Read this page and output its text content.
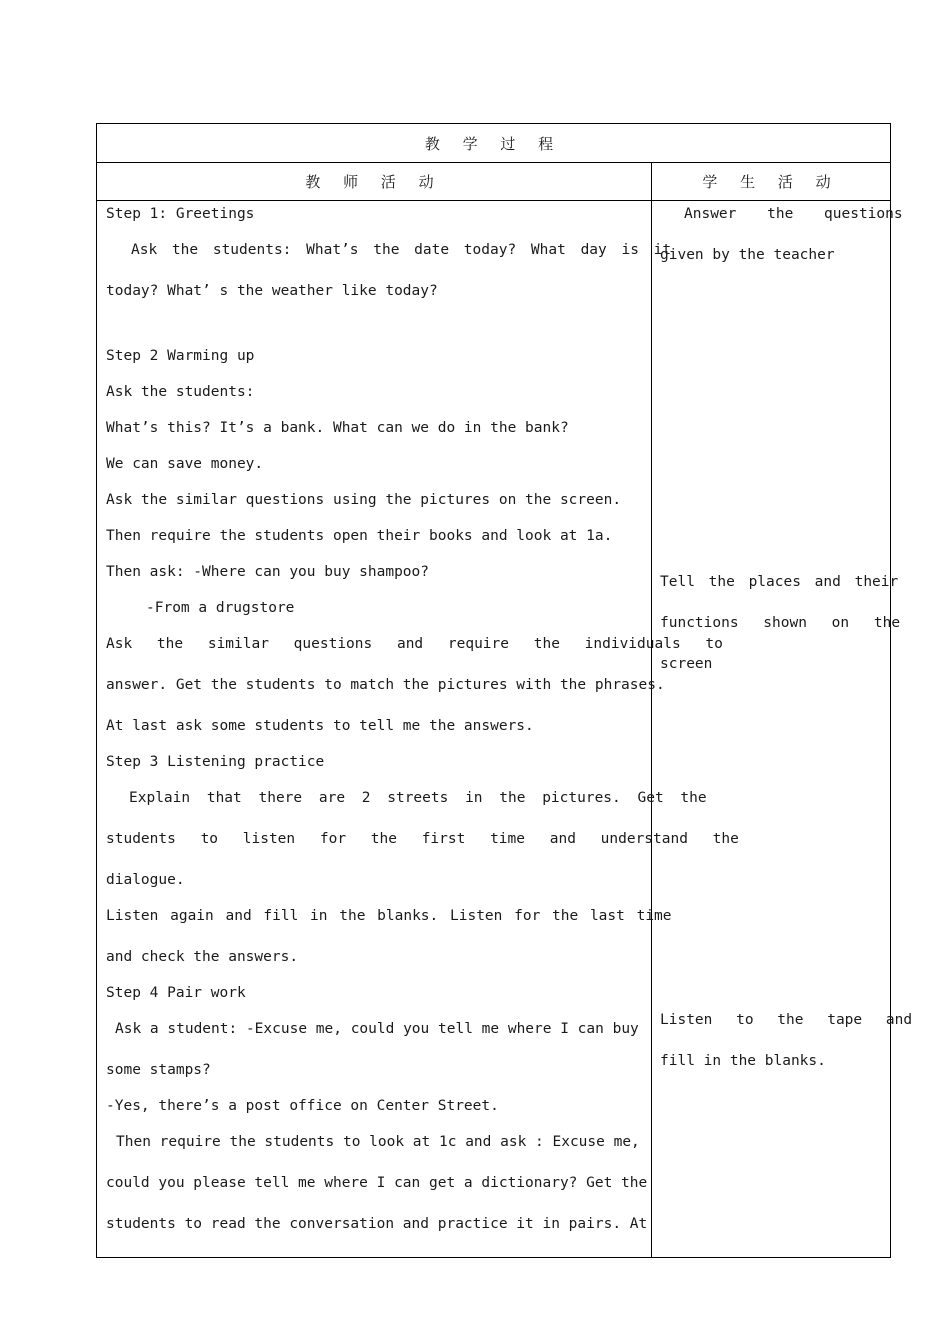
教 学 过 程
教 师 活 动	学 生 活 动
Step 1: Greetings
Ask the students: What’s the date today? What day is it
today? What’ s the weather like today?
Step 2 Warming up
Ask the students:
What’s this? It’s a bank. What can we do in the bank?
We can save money.
Ask the similar questions using the pictures on the screen.
Then require the students open their books and look at 1a.
Then ask: -Where can you buy shampoo?
-From a drugstore
Ask the similar questions and require the individuals to
answer. Get the students to match the pictures with the phrases.
At last ask some students to tell me the answers.
Step 3 Listening practice
Explain that there are 2 streets in the pictures. Get the
students to listen for the first time and understand the
dialogue.
Listen again and fill in the blanks. Listen for the last time
and check the answers.
Step 4 Pair work
Ask a student: -Excuse me, could you tell me where I can buy
some stamps?
-Yes, there’s a post office on Center Street.
Then require the students to look at 1c and ask : Excuse me,
could you please tell me where I can get a dictionary? Get the
students to read the conversation and practice it in pairs. At
Answer the questions
given by the teacher
Tell the places and their
functions shown on the
screen
Listen to the tape and
fill in the blanks.
